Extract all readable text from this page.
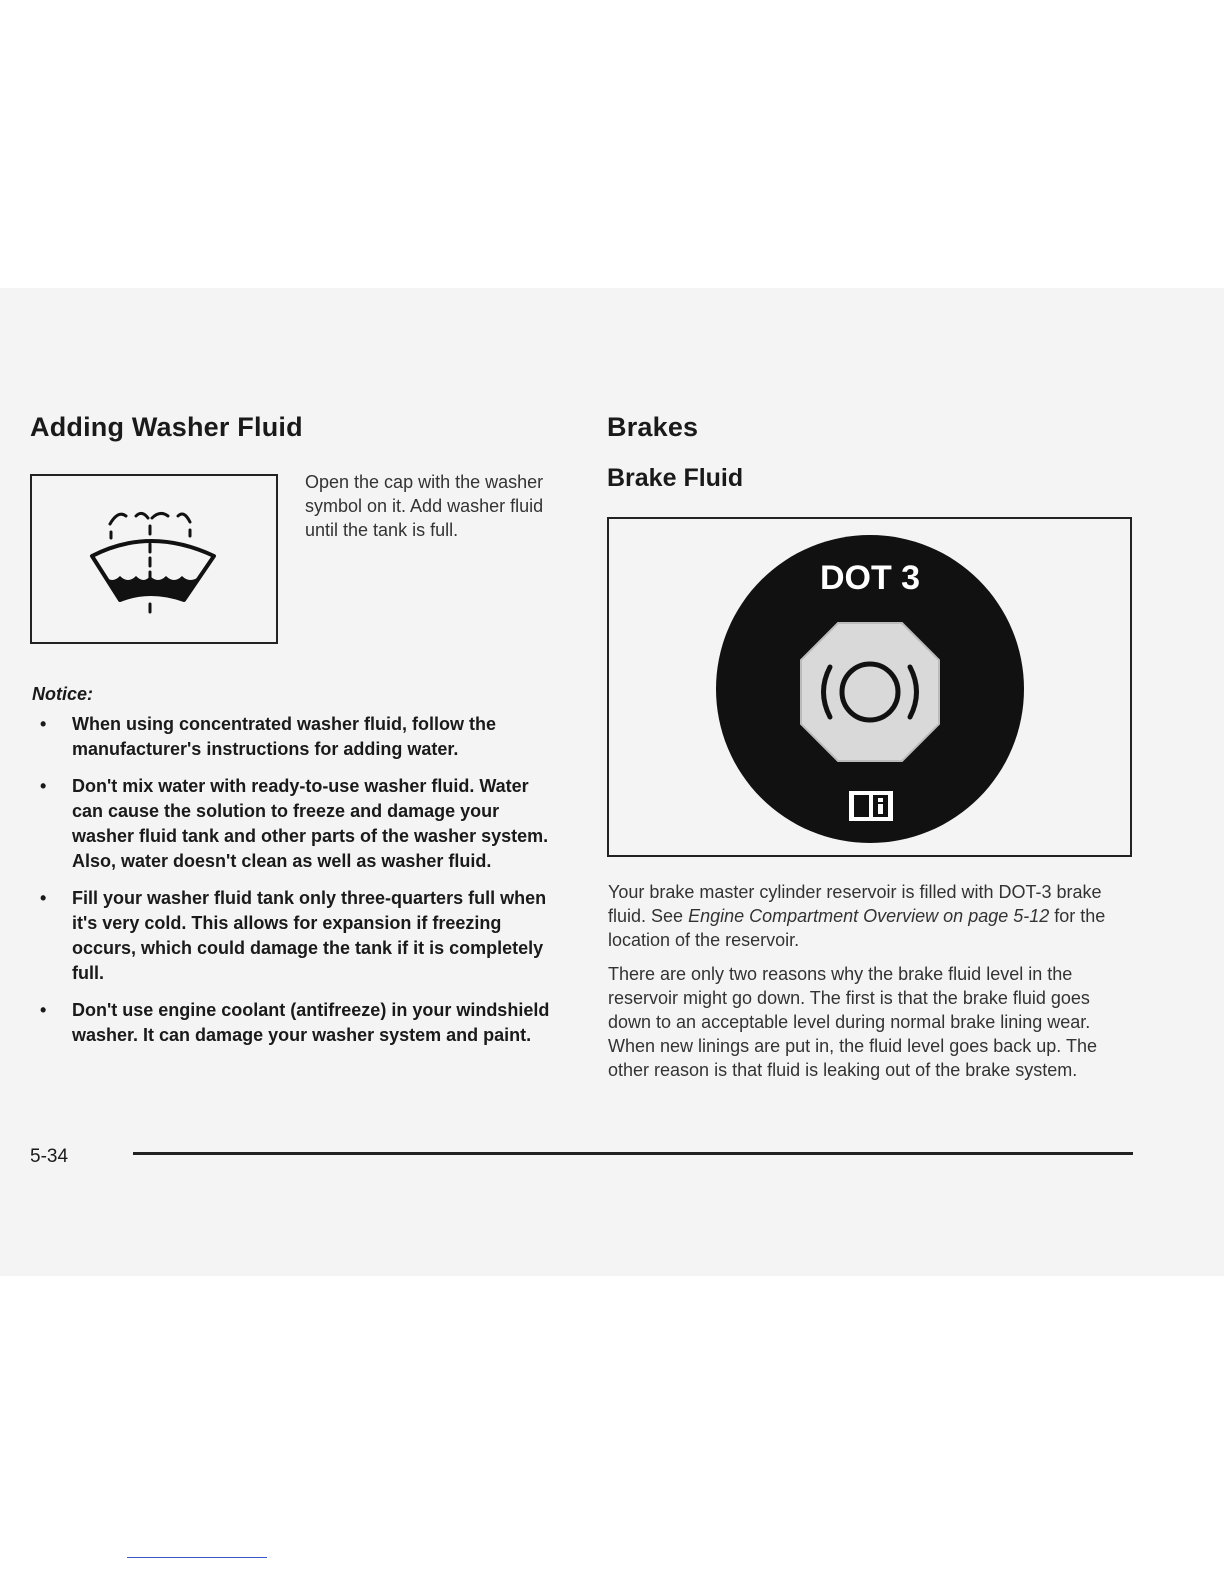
Adding Washer Fluid

Open the cap with the washer symbol on it. Add washer fluid until the tank is full.

Notice:

• When using concentrated washer fluid, follow the manufacturer's instructions for adding water.
• Don't mix water with ready-to-use washer fluid. Water can cause the solution to freeze and damage your washer fluid tank and other parts of the washer system. Also, water doesn't clean as well as washer fluid.
• Fill your washer fluid tank only three-quarters full when it's very cold. This allows for expansion if freezing occurs, which could damage the tank if it is completely full.
• Don't use engine coolant (antifreeze) in your windshield washer. It can damage your washer system and paint.
Brakes
Brake Fluid
DOT 3

Your brake master cylinder reservoir is filled with DOT-3 brake fluid. See Engine Compartment Overview on page 5-12 for the location of the reservoir.

There are only two reasons why the brake fluid level in the reservoir might go down. The first is that the brake fluid goes down to an acceptable level during normal brake lining wear. When new linings are put in, the fluid level goes back up. The other reason is that fluid is leaking out of the brake system.

5-34
